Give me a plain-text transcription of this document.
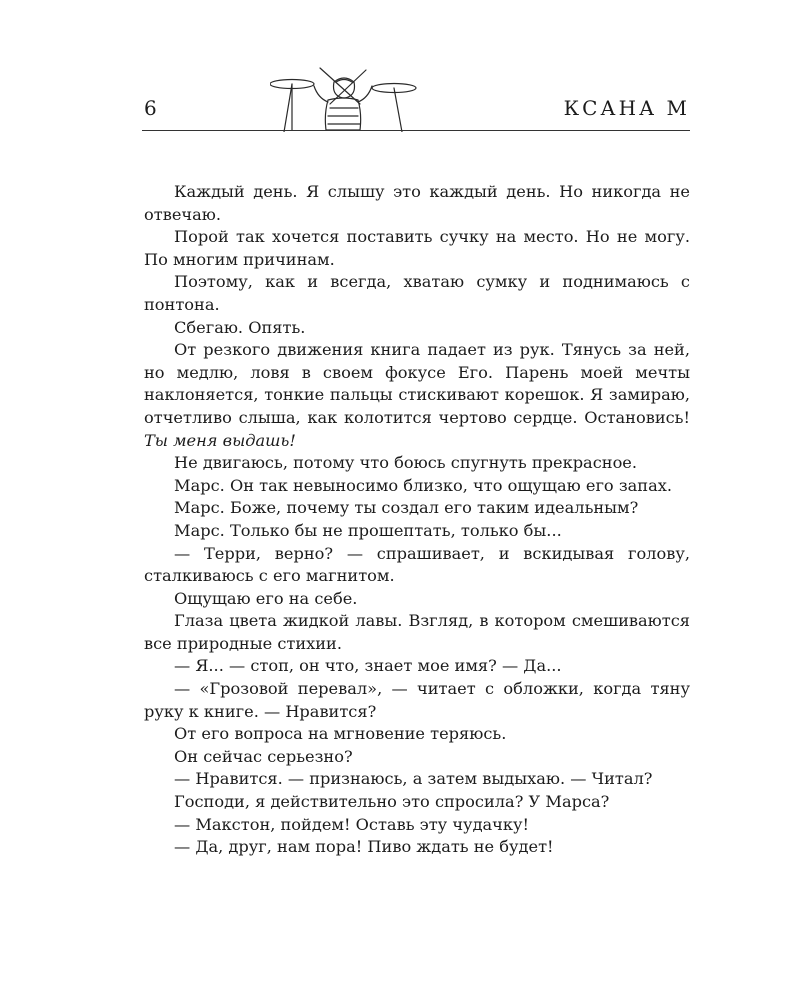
6	КСАНА М

Каждый день. Я слышу это каждый день. Но никогда не отвечаю.

Порой так хочется поставить сучку на место. Но не могу. По многим причинам.

Поэтому, как и всегда, хватаю сумку и поднимаюсь с понтона.

Сбегаю. Опять.

От резкого движения книга падает из рук. Тянусь за ней, но медлю, ловя в своем фокусе Его. Парень моей мечты наклоняется, тонкие пальцы стискивают корешок. Я замираю, отчетливо слыша, как колотится чертово сердце. Остановись! Ты меня выдашь!

Не двигаюсь, потому что боюсь спугнуть прекрасное.

Марс. Он так невыносимо близко, что ощущаю его запах.

Марс. Боже, почему ты создал его таким идеальным?

Марс. Только бы не прошептать, только бы...

— Терри, верно? — спрашивает, и вскидывая голову, сталкиваюсь с его магнитом.

Ощущаю его на себе.

Глаза цвета жидкой лавы. Взгляд, в котором смешиваются все природные стихии.

— Я... — стоп, он что, знает мое имя? — Да...

— «Грозовой перевал», — читает с обложки, когда тяну руку к книге. — Нравится?

От его вопроса на мгновение теряюсь.

Он сейчас серьезно?

— Нравится. — признаюсь, а затем выдыхаю. — Читал?

Господи, я действительно это спросила? У Марса?

— Макстон, пойдем! Оставь эту чудачку!

— Да, друг, нам пора! Пиво ждать не будет!
